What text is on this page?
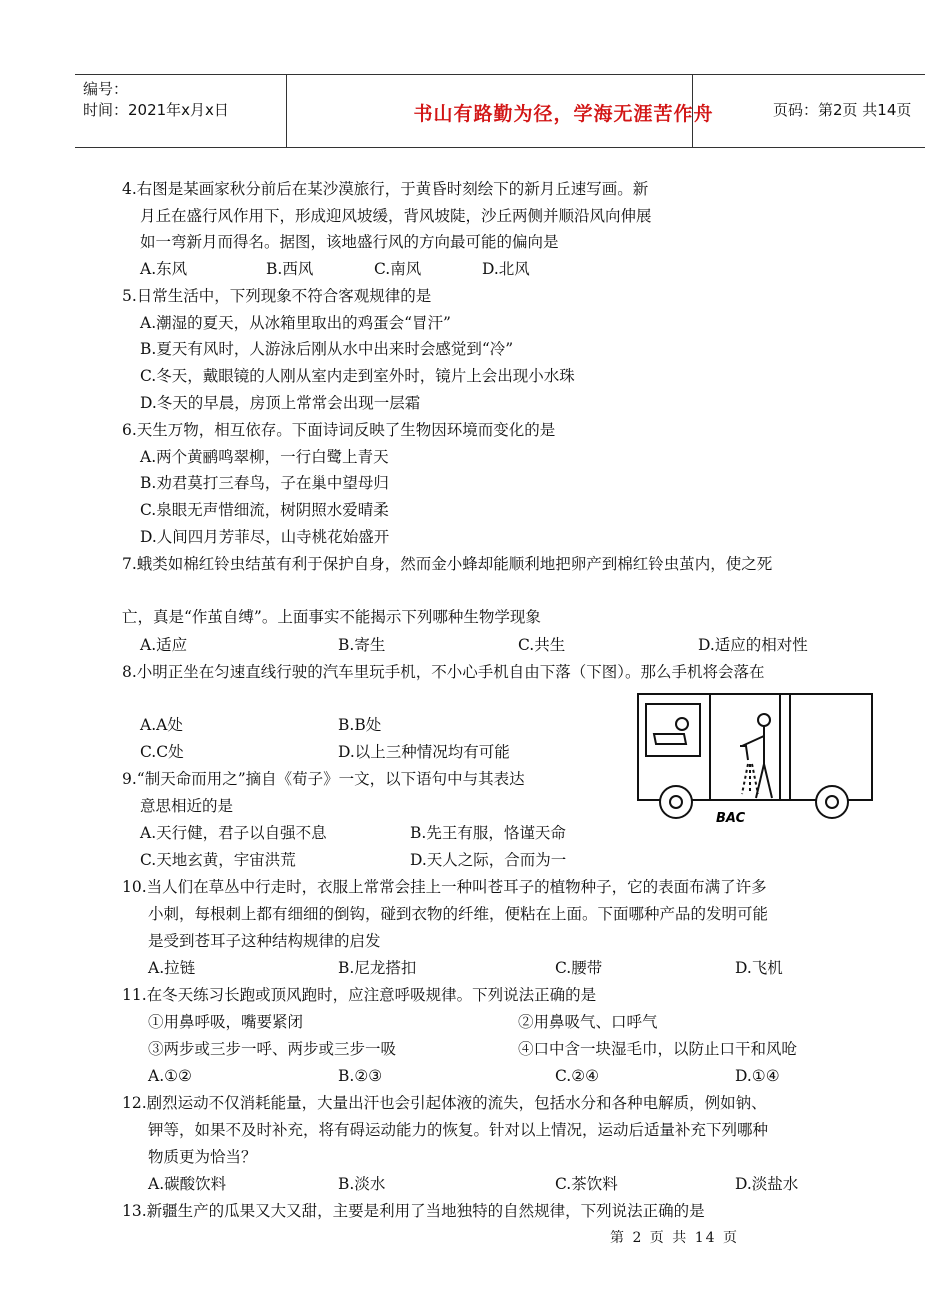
编号：
时间：2021年x月x日	书山有路勤为径，学海无涯苦作舟	页码：第2页 共14页
4.右图是某画家秋分前后在某沙漠旅行，于黄昏时刻绘下的新月丘速写画。新
月丘在盛行风作用下，形成迎风坡缓，背风坡陡，沙丘两侧并顺沿风向伸展
如一弯新月而得名。据图，该地盛行风的方向最可能的偏向是
A.东风	B.西风	C.南风	D.北风
5.日常生活中，下列现象不符合客观规律的是
A.潮湿的夏天，从冰箱里取出的鸡蛋会“冒汗”
B.夏天有风时，人游泳后刚从水中出来时会感觉到“冷”
C.冬天，戴眼镜的人刚从室内走到室外时，镜片上会出现小水珠
D.冬天的早晨，房顶上常常会出现一层霜
6.天生万物，相互依存。下面诗词反映了生物因环境而变化的是
A.两个黄鹂鸣翠柳，一行白鹭上青天
B.劝君莫打三春鸟，子在巢中望母归
C.泉眼无声惜细流，树阴照水爱晴柔
D.人间四月芳菲尽，山寺桃花始盛开
7.蛾类如棉红铃虫结茧有利于保护自身，然而金小蜂却能顺利地把卵产到棉红铃虫茧内，使之死
亡，真是“作茧自缚”。上面事实不能揭示下列哪种生物学现象
A.适应	B.寄生	C.共生	D.适应的相对性
8.小明正坐在匀速直线行驶的汽车里玩手机，不小心手机自由下落（下图）。那么手机将会落在
A.A处	B.B处
C.C处	D.以上三种情况均有可能
BAC
9.“制天命而用之”摘自《荀子》一文，以下语句中与其表达
意思相近的是
A.天行健，君子以自强不息	B.先王有服，恪谨天命
C.天地玄黄，宇宙洪荒	D.天人之际，合而为一
10.当人们在草丛中行走时，衣服上常常会挂上一种叫苍耳子的植物种子，它的表面布满了许多
小刺，每根刺上都有细细的倒钩，碰到衣物的纤维，便粘在上面。下面哪种产品的发明可能
是受到苍耳子这种结构规律的启发
A.拉链	B.尼龙搭扣	C.腰带	D.飞机
11.在冬天练习长跑或顶风跑时，应注意呼吸规律。下列说法正确的是
①用鼻呼吸，嘴要紧闭	②用鼻吸气、口呼气
③两步或三步一呼、两步或三步一吸	④口中含一块湿毛巾，以防止口干和风呛
A.①②	B.②③	C.②④	D.①④
12.剧烈运动不仅消耗能量，大量出汗也会引起体液的流失，包括水分和各种电解质，例如钠、
钾等，如果不及时补充，将有碍运动能力的恢复。针对以上情况，运动后适量补充下列哪种
物质更为恰当？
A.碳酸饮料	B.淡水	C.茶饮料	D.淡盐水
13.新疆生产的瓜果又大又甜，主要是利用了当地独特的自然规律，下列说法正确的是
第 2 页 共 14 页
